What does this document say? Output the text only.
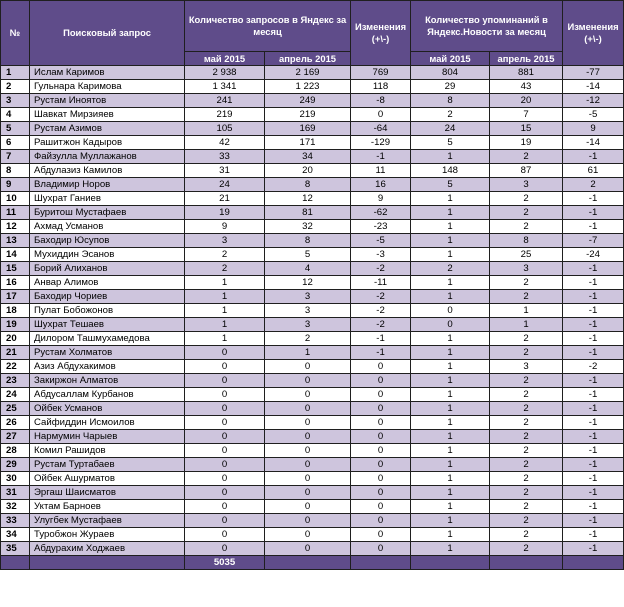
№	Поисковый запрос	Количество запросов в Яндекс за месяц		Изменения (+\-)	Количество упоминаний в Яндекс.Новости за месяц		Изменения (+\-)
		май 2015	апрель 2015		май 2015	апрель 2015	
1	Ислам Каримов	2 938	2 169	769	804	881	-77
2	Гульнара Каримова	1 341	1 223	118	29	43	-14
3	Рустам Иноятов	241	249	-8	8	20	-12
4	Шавкат Мирзияев	219	219	0	2	7	-5
5	Рустам Азимов	105	169	-64	24	15	9
6	Рашитжон Кадыров	42	171	-129	5	19	-14
7	Файзулла Муллажанов	33	34	-1	1	2	-1
8	Абдулазиз Камилов	31	20	11	148	87	61
9	Владимир Норов	24	8	16	5	3	2
10	Шухрат Ганиев	21	12	9	1	2	-1
11	Буритош Мустафаев	19	81	-62	1	2	-1
12	Ахмад Усманов	9	32	-23	1	2	-1
13	Баходир Юсупов	3	8	-5	1	8	-7
14	Мухиддин Эсанов	2	5	-3	1	25	-24
15	Борий Алиханов	2	4	-2	2	3	-1
16	Анвар Алимов	1	12	-11	1	2	-1
17	Баходир Чориев	1	3	-2	1	2	-1
18	Пулат Бобожонов	1	3	-2	0	1	-1
19	Шухрат Тешаев	1	3	-2	0	1	-1
20	Дилором Ташмухамедова	1	2	-1	1	2	-1
21	Рустам Холматов	0	1	-1	1	2	-1
22	Азиз Абдухакимов	0	0	0	1	3	-2
23	Закиржон Алматов	0	0	0	1	2	-1
24	Абдусаллам Курбанов	0	0	0	1	2	-1
25	Ойбек Усманов	0	0	0	1	2	-1
26	Сайфиддин Исмоилов	0	0	0	1	2	-1
27	Нармумин Чарыев	0	0	0	1	2	-1
28	Комил Рашидов	0	0	0	1	2	-1
29	Рустам Туртабаев	0	0	0	1	2	-1
30	Ойбек Ашурматов	0	0	0	1	2	-1
31	Эргаш Шаисматов	0	0	0	1	2	-1
32	Уктам Барноев	0	0	0	1	2	-1
33	Улугбек Мустафаев	0	0	0	1	2	-1
34	Туробжон Жураев	0	0	0	1	2	-1
35	Абдурахим Ходжаев	0	0	0	1	2	-1
		5035					
